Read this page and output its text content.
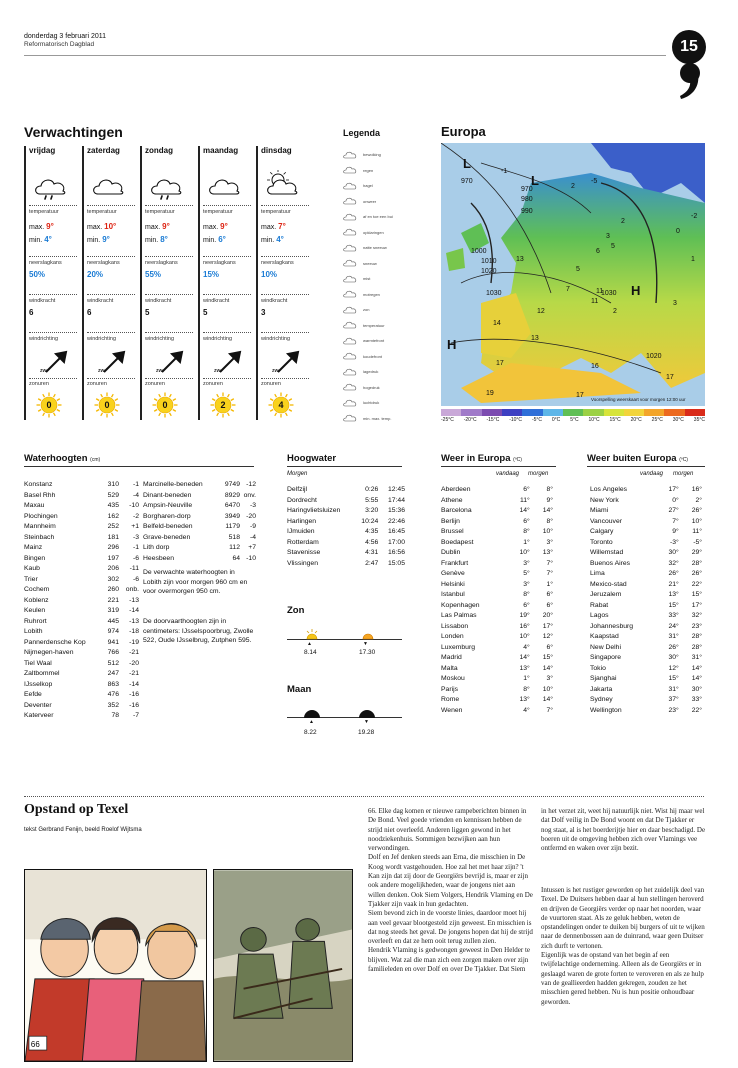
donderdag 3 februari 2011
Reformatorisch Dagblad	15
Verwachtingen
vrijdag
temperatuur
max. 9°
min. 4°
neerslagkans
50%
windkracht
6
windrichting
zw
zonuren
0
zaterdag
temperatuur
max. 10°
min. 9°
neerslagkans
20%
windkracht
6
windrichting
zw
zonuren
0
zondag
temperatuur
max. 9°
min. 8°
neerslagkans
55%
windkracht
5
windrichting
zw
zonuren
0
maandag
temperatuur
max. 9°
min. 6°
neerslagkans
15%
windkracht
5
windrichting
zw
zonuren
2
dinsdag
temperatuur
max. 7°
min. 4°
neerslagkans
10%
windkracht
3
windrichting
zw
zonuren
4
Legenda
bewolking
regen
hagel
onweer
af en toe een bui
opklaringen
natte sneeuw
sneeuw
mist
motregen
zon
temperatuur
warmtefront
koudefront
lagedruk
hogedruk
luchtdruk
min. max. temp.
Europa
970
970
980
990
1000
1010
1020
1030	1030
1020
L
L
H
H
-5
2
2
-2
0
3
5
6
1
13
5
7	11
11
14
12
13
2
3
16
17
19	17
17
-1
Voorspelling weerskaart voor morgen 12:00 uur
-25°C -20°C -15°C -10°C -5°C 0°C 5°C 10°C 15°C 20°C 25°C 30°C 35°C
Waterhoogten (cm)
Konstanz	310	-1
Basel Rhh	529	-4
Maxau	435	-10
Plochingen	162	-2
Mannheim	252	+1
Steinbach	181	-3
Mainz	296	-1
Bingen	197	-6
Kaub	206	-11
Trier	302	-6
Cochem	260	onb.
Koblenz	221	-13
Keulen	319	-14
Ruhrort	445	-13
Lobith	974	-18
Pannerdensche Kop	941	-19
Nijmegen-haven	766	-21
Tiel Waal	512	-20
Zaltbommel	247	-21
IJsselkop	863	-14
Eefde	476	-16
Deventer	352	-16
Katerveer	78	-7
Marcinelle-beneden	9749	-12
Dinant-beneden	8929	onv.
Ampsin-Neuville	6470	-3
Borgharen-dorp	3949	-20
Belfeld-beneden	1179	-9
Grave-beneden	518	-4
Lith dorp	112	+7
Heesbeen	64	-10
De verwachte waterhoogten in Lobith zijn voor morgen 960 cm en voor overmorgen 950 cm.
De doorvaarthoogten zijn in centimeters: IJsselspoorbrug, Zwolle 522, Oude IJsselbrug, Zutphen 595.
Hoogwater
Morgen
Delfzijl	0:26	12:45
Dordrecht	5:55	17:44
Haringvlietsluizen	3:20	15:36
Harlingen	10:24	22:46
IJmuiden	4:35	16:45
Rotterdam	4:56	17:00
Stavenisse	4:31	16:56
Vlissingen	2:47	15:05
Zon
▲	▼
8.14	17.30
Maan
▲	▼
8.22	19.28
Weer in Europa (ºC)
vandaag morgen
Aberdeen	6°	8°
Athene	11°	9°
Barcelona	14°	14°
Berlijn	6°	8°
Brussel	8°	10°
Boedapest	1°	3°
Dublin	10°	13°
Frankfurt	3°	7°
Genève	5°	7°
Helsinki	3°	1°
Istanbul	8°	6°
Kopenhagen	6°	6°
Las Palmas	19°	20°
Lissabon	16°	17°
Londen	10°	12°
Luxemburg	4°	6°
Madrid	14°	15°
Malta	13°	14°
Moskou	1°	3°
Parijs	8°	10°
Rome	13°	14°
Wenen	4°	7°
Weer buiten Europa (ºC)
vandaag morgen
Los Angeles	17°	16°
New York	0°	2°
Miami	27°	26°
Vancouver	7°	10°
Calgary	9°	11°
Toronto	-3°	-5°
Willemstad	30°	29°
Buenos Aires	32°	28°
Lima	26°	26°
Mexico-stad	21°	22°
Jeruzalem	13°	15°
Rabat	15°	17°
Lagos	33°	32°
Johannesburg	24°	23°
Kaapstad	31°	28°
New Delhi	26°	28°
Singapore	30°	31°
Tokio	12°	14°
Sjanghai	15°	14°
Jakarta	31°	30°
Sydney	37°	33°
Wellington	23°	22°
Opstand op Texel
tekst Gerbrand Fenijn, beeld Roelof Wijtsma
66
66. Elke dag komen er nieuwe rampeberichten binnen in De Bond. Veel goede vrienden en kennissen hebben de strijd niet overleefd. Anderen liggen gewond in het noodziekenhuis. Sommigen bezwijken aan hun verwondingen.
Dolf en Jef denken steeds aan Erna, die misschien in De Koog wordt vastgehouden. Hoe zal het met haar zijn? 't Kan zijn dat zij door de Georgiërs bevrijd is, maar er zijn ook andere mogelijkheden, waar de jongens niet aan willen denken. Ook Siem Volgers, Hendrik Vlaming en De Tjakker zijn vaak in hun gedachten.
Siem bevond zich in de voorste linies, daardoor moet hij aan veel gevaar blootgesteld zijn geweest. En misschien is dat nog steeds het geval. De jongens hopen dat hij de strijd overleeft en dat ze hem ooit terug zullen zien.
Hendrik Vlaming is gedwongen geweest in Den Helder te blijven. Wat zal die man zich een zorgen maken over zijn familieleden en over Dolf en over De Tjakker. Dat Siem
in het verzet zit, weet hij natuurlijk niet. Wist hij maar wel dat Dolf veilig in De Bond woont en dat De Tjakker er nog staat, al is het boerderijtje hier en daar beschadigd. De boeren uit de omgeving hebben zich over Vlamings vee ontfermd en waken over zijn bezit.
Intussen is het rustiger geworden op het zuidelijk deel van Texel. De Duitsers hebben daar al hun stellingen heroverd en drijven de Georgiërs verder op naar het noorden, waar de vuurtoren staat. Als ze geluk hebben, weten de opstandelingen onder te duiken bij burgers of uit te wijken naar de dennenbossen aan de duinrand, waar geen Duitser zich durft te vertonen.
Eigenlijk was de opstand van het begin af een twijfelachtige onderneming. Alleen als de Georgiërs er in geslaagd waren de grote forten te veroveren en als ze hulp van de geallieerden hadden gekregen, zouden ze het misschien gered hebben. Nu is hun positie onhoudbaar geworden.
